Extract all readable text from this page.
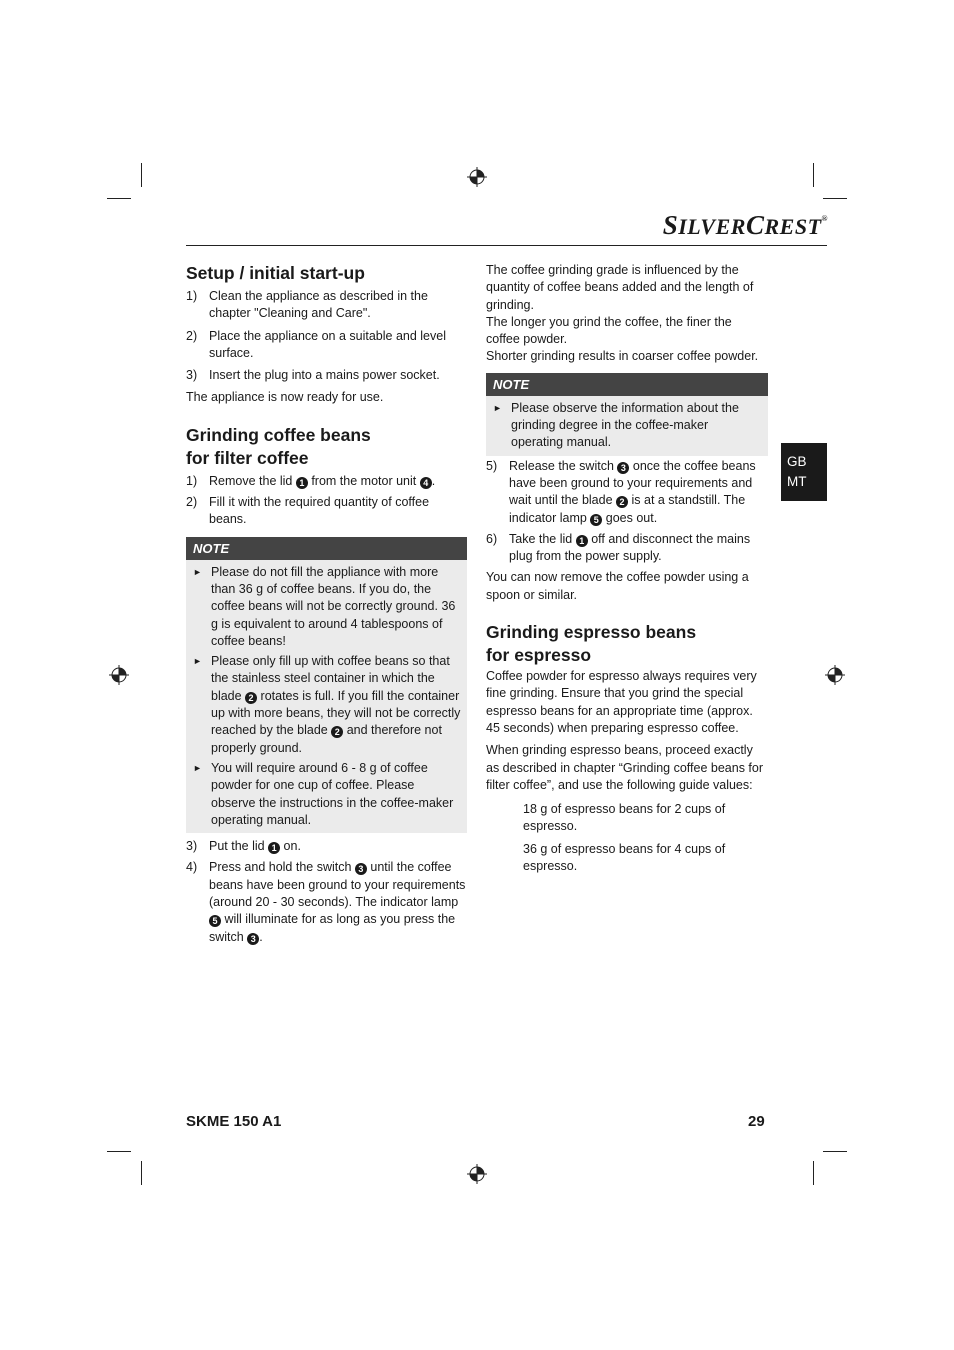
SILVERCREST®
GB
MT
Setup / initial start-up
1) Clean the appliance as described in the chapter "Cleaning and Care".
2) Place the appliance on a suitable and level surface.
3) Insert the plug into a mains power socket.

The appliance is now ready for use.

Grinding coffee beans
for filter coffee
1) Remove the lid 1 from the motor unit 4 .
2) Fill it with the required quantity of coffee beans.
NOTE
► Please do not fill the appliance with more than 36 g of coffee beans. If you do, the coffee beans will not be correctly ground. 36 g is equivalent to around 4 tablespoons of coffee beans!
► Please only fill up with coffee beans so that the stainless steel container in which the blade 2 rotates is full. If you fill the container up with more beans, they will not be correctly reached by the blade 2 and therefore not properly ground.
► You will require around 6 - 8 g of coffee powder for one cup of coffee. Please observe the instructions in the coffee-maker operating manual.
3) Put the lid 1 on.
4) Press and hold the switch 3 until the coffee beans have been ground to your requirements (around 20 - 30 seconds). The indicator lamp 5 will illuminate for as long as you press the switch 3 .

The coffee grinding grade is influenced by the quantity of coffee beans added and the length of grinding.

The longer you grind the coffee, the finer the coffee powder.

Shorter grinding results in coarser coffee powder.

NOTE
► Please observe the information about the grinding degree in the coffee-maker operating manual.
5) Release the switch 3 once the coffee beans have been ground to your requirements and wait until the blade 2 is at a standstill. The indicator lamp 5 goes out.
6) Take the lid 1 off and disconnect the mains plug from the power supply.

You can now remove the coffee powder using a spoon or similar.

Grinding espresso beans
for espresso

Coffee powder for espresso always requires very fine grinding. Ensure that you grind the special espresso beans for an appropriate time (approx. 45 seconds) when preparing espresso coffee.

When grinding espresso beans, proceed exactly as described in chapter “Grinding coffee beans for filter coffee”, and use the following guide values:

18 g of espresso beans for 2 cups of espresso.

36 g of espresso beans for 4 cups of espresso.

SKME 150 A1	29
